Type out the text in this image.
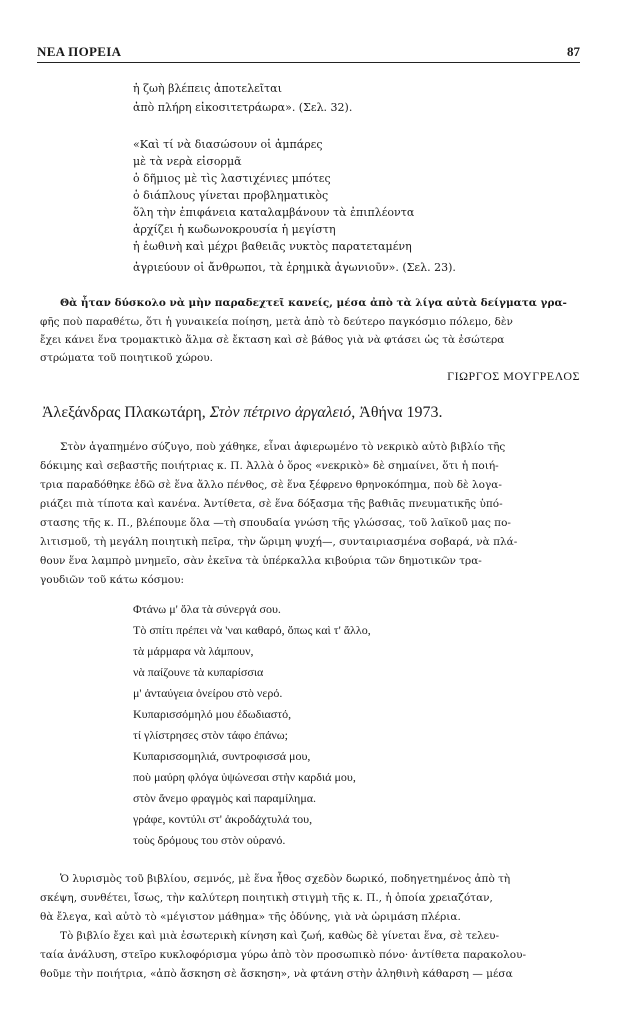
ΝΕΑ ΠΟΡΕΙΑ	87
ἡ ζωὴ βλέπεις ἀποτελεῖται
ἀπὸ πλήρη εἰκοσιτετράωρα». (Σελ. 32).
«Καὶ τί νὰ διασώσουν οἱ ἀμπάρες
μὲ τὰ νερὰ εἰσορμᾶ
ὁ δῆμιος μὲ τὶς λαστιχένιες μπότες
ὁ διάπλους γίνεται προβληματικὸς
ὅλη τὴν ἐπιφάνεια καταλαμβάνουν τὰ ἐπιπλέοντα
ἀρχίζει ἡ κωδωνοκρουσία ἡ μεγίστη
ἡ ἑωθινὴ καὶ μέχρι βαθειᾶς νυκτὸς παρατεταμένη
ἀγριεύουν οἱ ἄνθρωποι, τὰ ἐρημικὰ ἀγωνιοῦν». (Σελ. 23).
Θὰ ἦταν δύσκολο νὰ μὴν παραδεχτεῖ κανείς, μέσα ἀπὸ τὰ λίγα αὐτὰ δείγματα γρα-
φῆς ποὺ παραθέτω, ὅτι ἡ γυναικεία ποίηση, μετὰ ἀπὸ τὸ δεύτερο παγκόσμιο πόλεμο, δὲν
ἔχει κάνει ἕνα τρομακτικὸ ἅλμα σὲ ἔκταση καὶ σὲ βάθος γιὰ νὰ φτάσει ὡς τὰ ἐσώτερα
στρώματα τοῦ ποιητικοῦ χώρου.
ΓΙΩΡΓΟΣ ΜΟΥΓΡΕΛΟΣ
Ἀλεξάνδρας Πλακωτάρη, Στὸν πέτρινο ἀργαλειό, Ἀθήνα 1973.
Στὸν ἀγαπημένο σύζυγο, ποὺ χάθηκε, εἶναι ἀφιερωμένο τὸ νεκρικὸ αὐτὸ βιβλίο τῆς
δόκιμης καὶ σεβαστῆς ποιήτριας κ. Π. Ἀλλὰ ὁ ὅρος «νεκρικὸ» δὲ σημαίνει, ὅτι ἡ ποιή-
τρια παραδόθηκε ἐδῶ σὲ ἕνα ἄλλο πένθος, σὲ ἕνα ξέφρενο θρηνοκόπημα, ποὺ δὲ λογα-
ριάζει πιὰ τίποτα καὶ κανένα. Ἀντίθετα, σὲ ἕνα δόξασμα τῆς βαθιᾶς πνευματικῆς ὑπό-
στασης τῆς κ. Π., βλέπουμε ὅλα —τὴ σπουδαία γνώση τῆς γλώσσας, τοῦ λαϊκοῦ μας πο-
λιτισμοῦ, τὴ μεγάλη ποιητικὴ πεῖρα, τὴν ὥριμη ψυχή—, συνταιριασμένα σοβαρά, νὰ πλά-
θουν ἕνα λαμπρὸ μνημεῖο, σὰν ἐκεῖνα τὰ ὑπέρκαλλα κιβούρια τῶν δημοτικῶν τρα-
γουδιῶν τοῦ κάτω κόσμου:
Φτάνω μ' ὅλα τὰ σύνεργά σου.
Τὸ σπίτι πρέπει νὰ 'ναι καθαρό, ὅπως καὶ τ' ἄλλο,
τὰ μάρμαρα νὰ λάμπουν,
νὰ παίζουνε τὰ κυπαρίσσια
μ' ἀνταύγεια ὀνείρου στὸ νερό.
Κυπαρισσόμηλό μου ἐδωδιαστό,
τί γλίστρησες στὸν τάφο ἐπάνω;
Κυπαρισσομηλιά, συντροφισσά μου,
ποὺ μαύρη φλόγα ὑψώνεσαι στὴν καρδιά μου,
στὸν ἄνεμο φραγμὸς καὶ παραμίλημα.
γράφε, κοντύλι στ' ἀκροδάχτυλά του,
τοὺς δρόμους του στὸν οὐρανό.
Ὁ λυρισμὸς τοῦ βιβλίου, σεμνός, μὲ ἕνα ἦθος σχεδὸν δωρικό, ποδηγετημένος ἀπὸ τὴ
σκέψη, συνθέτει, ἴσως, τὴν καλύτερη ποιητικὴ στιγμὴ τῆς κ. Π., ἡ ὁποία χρειαζόταν,
θὰ ἔλεγα, καὶ αὐτὸ τὸ «μέγιστον μάθημα» τῆς ὀδύνης, γιὰ νὰ ὡριμάση πλέρια.
Τὸ βιβλίο ἔχει καὶ μιὰ ἐσωτερικὴ κίνηση καὶ ζωή, καθὼς δὲ γίνεται ἕνα, σὲ τελευ-
ταία ἀνάλυση, στεῖρο κυκλοφόρισμα γύρω ἀπὸ τὸν προσωπικὸ πόνο· ἀντίθετα παρακολου-
θοῦμε τὴν ποιήτρια, «ἀπὸ ἄσκηση σὲ ἄσκηση», νὰ φτάνη στὴν ἀληθινὴ κάθαρση — μέσα
